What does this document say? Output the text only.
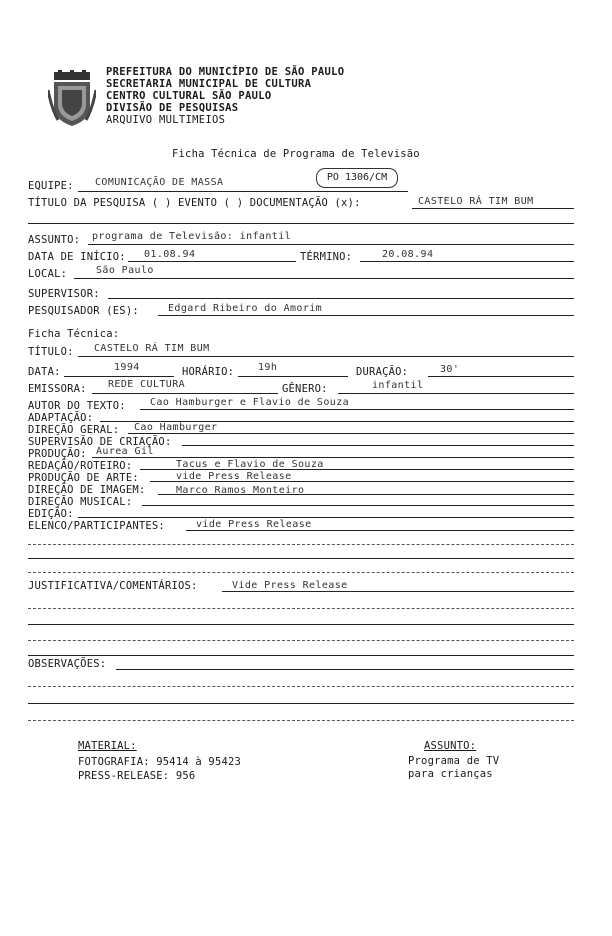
PREFEITURA DO MUNICÍPIO DE SÃO PAULO
SECRETARIA MUNICIPAL DE CULTURA
CENTRO CULTURAL SÃO PAULO
DIVISÃO DE PESQUISAS
ARQUIVO MULTIMEIOS
Ficha Técnica de Programa de Televisão
PO 1306/CM
EQUIPE: COMUNICAÇÃO DE MASSA
TÍTULO DA PESQUISA ( ) EVENTO ( ) DOCUMENTAÇÃO (x):	CASTELO RÁ TIM BUM
ASSUNTO: programa de Televisão: infantil
DATA DE INÍCIO: 01.08.94	TÉRMINO:	20.08.94
LOCAL:	São Paulo
SUPERVISOR:
PESQUISADOR (ES):	Edgard Ribeiro do Amorim
Ficha Técnica:
TÍTULO: CASTELO RÁ TIM BUM
DATA:	1994	HORÁRIO: 19h	DURAÇÃO:	30'
EMISSORA: REDE CULTURA	GÊNERO:	infantil
AUTOR DO TEXTO: Cao Hamburger e Flavio de Souza
ADAPTAÇÃO:
DIREÇÃO GERAL: Cao Hamburger
SUPERVISÃO DE CRIAÇÃO:
PRODUÇÃO: Aurea Gil
REDAÇÃO/ROTEIRO:	Tacus e Flavio de Souza
PRODUÇÃO DE ARTE:	vide Press Release
DIREÇÃO DE IMAGEM:	Marco Ramos Monteiro
DIREÇÃO MUSICAL:
EDIÇÃO:
ELENCO/PARTICIPANTES:	vide Press Release
JUSTIFICATIVA/COMENTÁRIOS:	Vide Press Release
OBSERVAÇÕES:
MATERIAL:
FOTOGRAFIA: 95414 à 95423
PRESS-RELEASE: 956
ASSUNTO:
Programa de TV
para crianças
